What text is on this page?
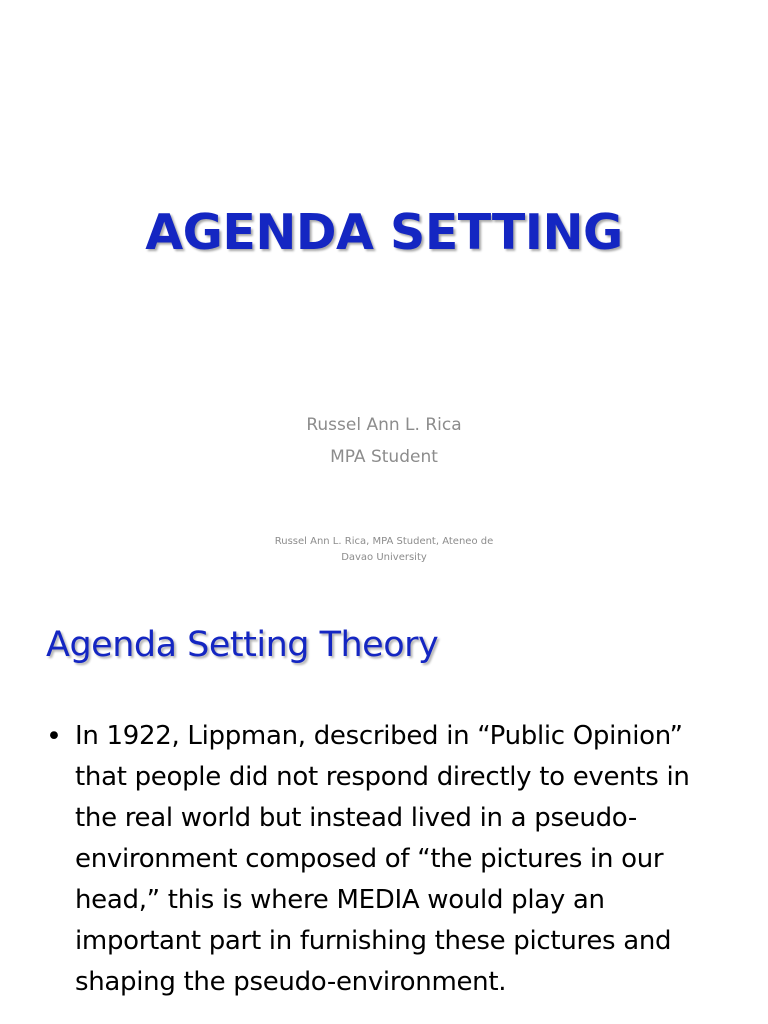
AGENDA SETTING
Russel Ann L. Rica
MPA Student
Russel Ann L. Rica, MPA Student, Ateneo de
Davao University
Agenda Setting Theory
• In 1922, Lippman, described in “Public Opinion” that people did not respond directly to events in the real world but instead lived in a pseudo-environment composed of “the pictures in our head,” this is where MEDIA would play an important part in furnishing these pictures and shaping the pseudo-environment.
